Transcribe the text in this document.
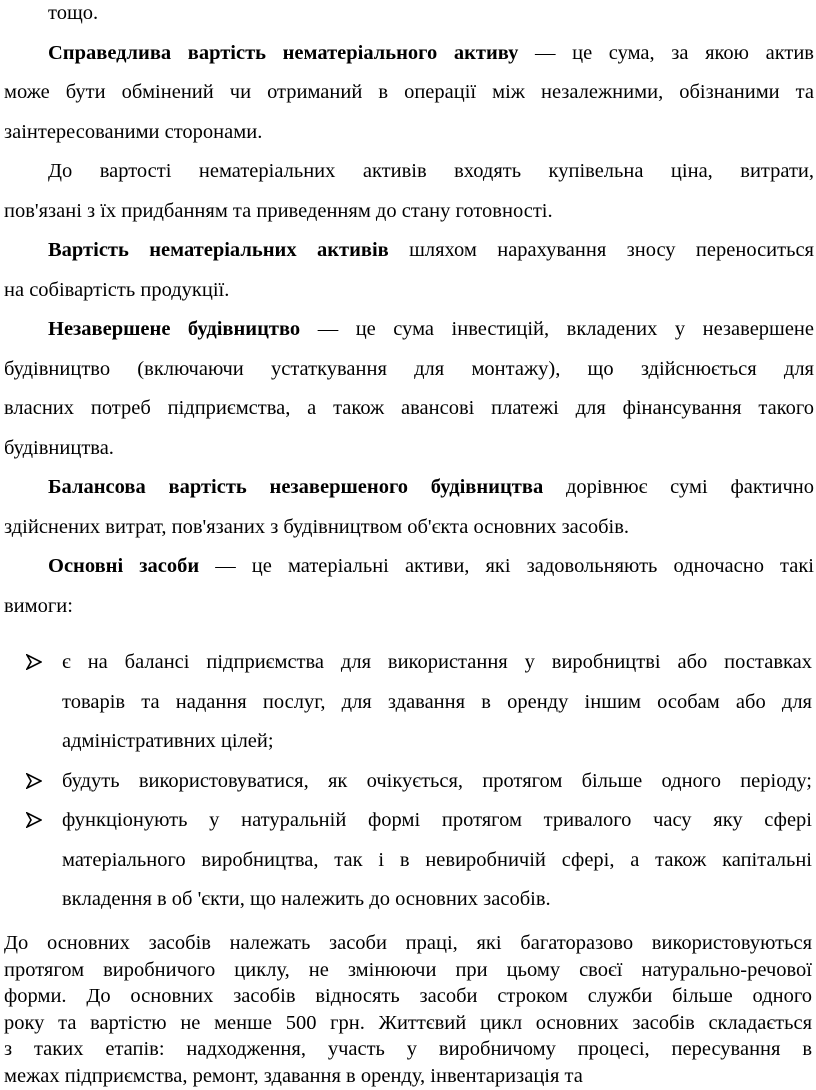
тощо.
Справедлива вартість нематеріального активу — це сума, за якою актив
може бути обмінений чи отриманий в операції між незалежними, обізнаними та
заінтересованими сторонами.
До вартості нематеріальних активів входять купівельна ціна, витрати,
пов'язані з їх придбанням та приведенням до стану готовності.
Вартість нематеріальних активів шляхом нарахування зносу переноситься
на собівартість продукції.
Незавершене будівництво — це сума інвестицій, вкладених у незавершене
будівництво (включаючи устаткування для монтажу), що здійснюється для
власних потреб підприємства, а також авансові платежі для фінансування такого
будівництва.
Балансова вартість незавершеного будівництва дорівнює сумі фактично
здійснених витрат, пов'язаних з будівництвом об'єкта основних засобів.
Основні засоби — це матеріальні активи, які задовольняють одночасно такі
вимоги:
є на балансі підприємства для використання у виробництві або поставках
товарів та надання послуг, для здавання в оренду іншим особам або для
адміністративних цілей;
будуть використовуватися, як очікується, протягом більше одного періоду;
функціонують у натуральній формі протягом тривалого часу яку сфері
матеріального виробництва, так і в невиробничій сфері, а також капітальні
вкладення в об 'єкти, що належить до основних засобів.
До основних засобів належать засоби праці, які багаторазово використовуються
протягом виробничого циклу, не змінюючи при цьому своєї натурально-речової
форми. До основних засобів відносять засоби строком служби більше одного
року та вартістю не менше 500 грн. Життєвий цикл основних засобів складається
з таких етапів: надходження, участь у виробничому процесі, пересування в
межах підприємства, ремонт, здавання в оренду, інвентаризація та
